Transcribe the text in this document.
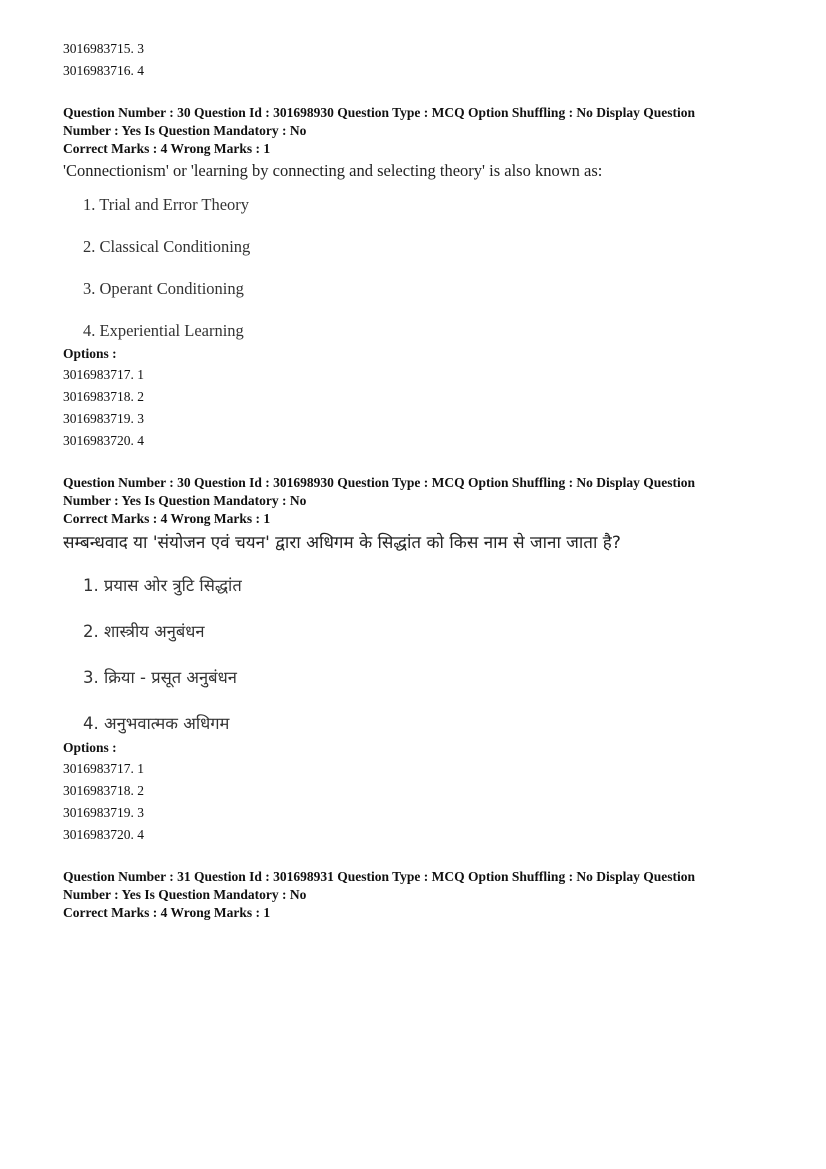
3016983715. 3
3016983716. 4
Question Number : 30 Question Id : 301698930 Question Type : MCQ Option Shuffling : No Display Question
Number : Yes Is Question Mandatory : No
Correct Marks : 4 Wrong Marks : 1
'Connectionism' or 'learning by connecting and selecting theory' is also known as:
1. Trial and Error Theory
2. Classical Conditioning
3. Operant Conditioning
4. Experiential Learning
Options :
3016983717. 1
3016983718. 2
3016983719. 3
3016983720. 4
Question Number : 30 Question Id : 301698930 Question Type : MCQ Option Shuffling : No Display Question
Number : Yes Is Question Mandatory : No
Correct Marks : 4 Wrong Marks : 1
सम्बन्धवाद या 'संयोजन एवं चयन' द्वारा अधिगम के सिद्धांत को किस नाम से जाना जाता है?
1. प्रयास ओर त्रुटि सिद्धांत
2. शास्त्रीय अनुबंधन
3. क्रिया - प्रसूत अनुबंधन
4. अनुभवात्मक अधिगम
Options :
3016983717. 1
3016983718. 2
3016983719. 3
3016983720. 4
Question Number : 31 Question Id : 301698931 Question Type : MCQ Option Shuffling : No Display Question
Number : Yes Is Question Mandatory : No
Correct Marks : 4 Wrong Marks : 1
